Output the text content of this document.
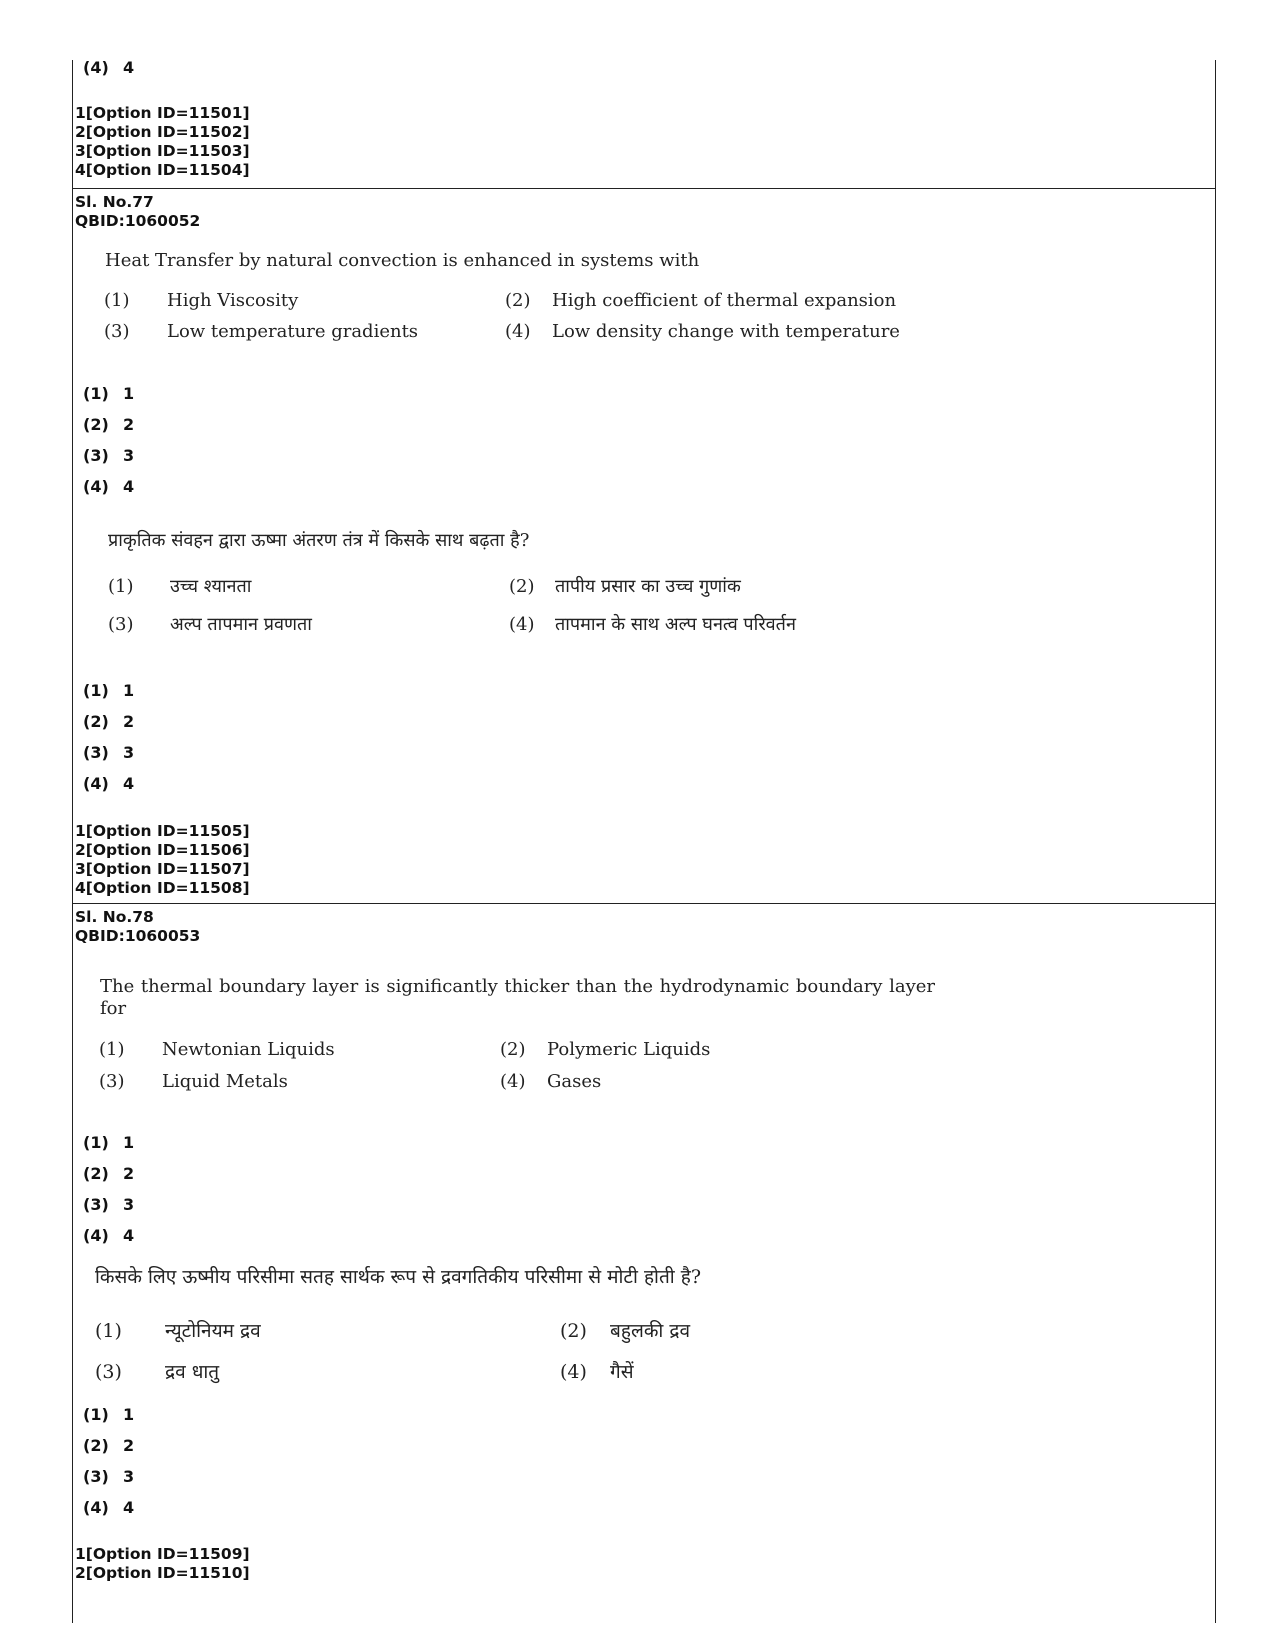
(4) 4
1[Option ID=11501]
2[Option ID=11502]
3[Option ID=11503]
4[Option ID=11504]
Sl. No.77
QBID:1060052
Heat Transfer by natural convection is enhanced in systems with
(1) High Viscosity	(2) High coefficient of thermal expansion
(3) Low temperature gradients	(4) Low density change with temperature
(1) 1
(2) 2
(3) 3
(4) 4
प्राकृतिक संवहन द्वारा ऊष्मा अंतरण तंत्र में किसके साथ बढ़ता है?
(1) उच्च श्यानता	(2) तापीय प्रसार का उच्च गुणांक
(3) अल्प तापमान प्रवणता	(4) तापमान के साथ अल्प घनत्व परिवर्तन
(1) 1
(2) 2
(3) 3
(4) 4
1[Option ID=11505]
2[Option ID=11506]
3[Option ID=11507]
4[Option ID=11508]
Sl. No.78
QBID:1060053
The thermal boundary layer is significantly thicker than the hydrodynamic boundary layer for
(1) Newtonian Liquids	(2) Polymeric Liquids
(3) Liquid Metals	(4) Gases
(1) 1
(2) 2
(3) 3
(4) 4
किसके लिए ऊष्मीय परिसीमा सतह सार्थक रूप से द्रवगतिकीय परिसीमा से मोटी होती है?
(1) न्यूटोनियम द्रव	(2) बहुलकी द्रव
(3) द्रव धातु	(4) गैसें
(1) 1
(2) 2
(3) 3
(4) 4
1[Option ID=11509]
2[Option ID=11510]
